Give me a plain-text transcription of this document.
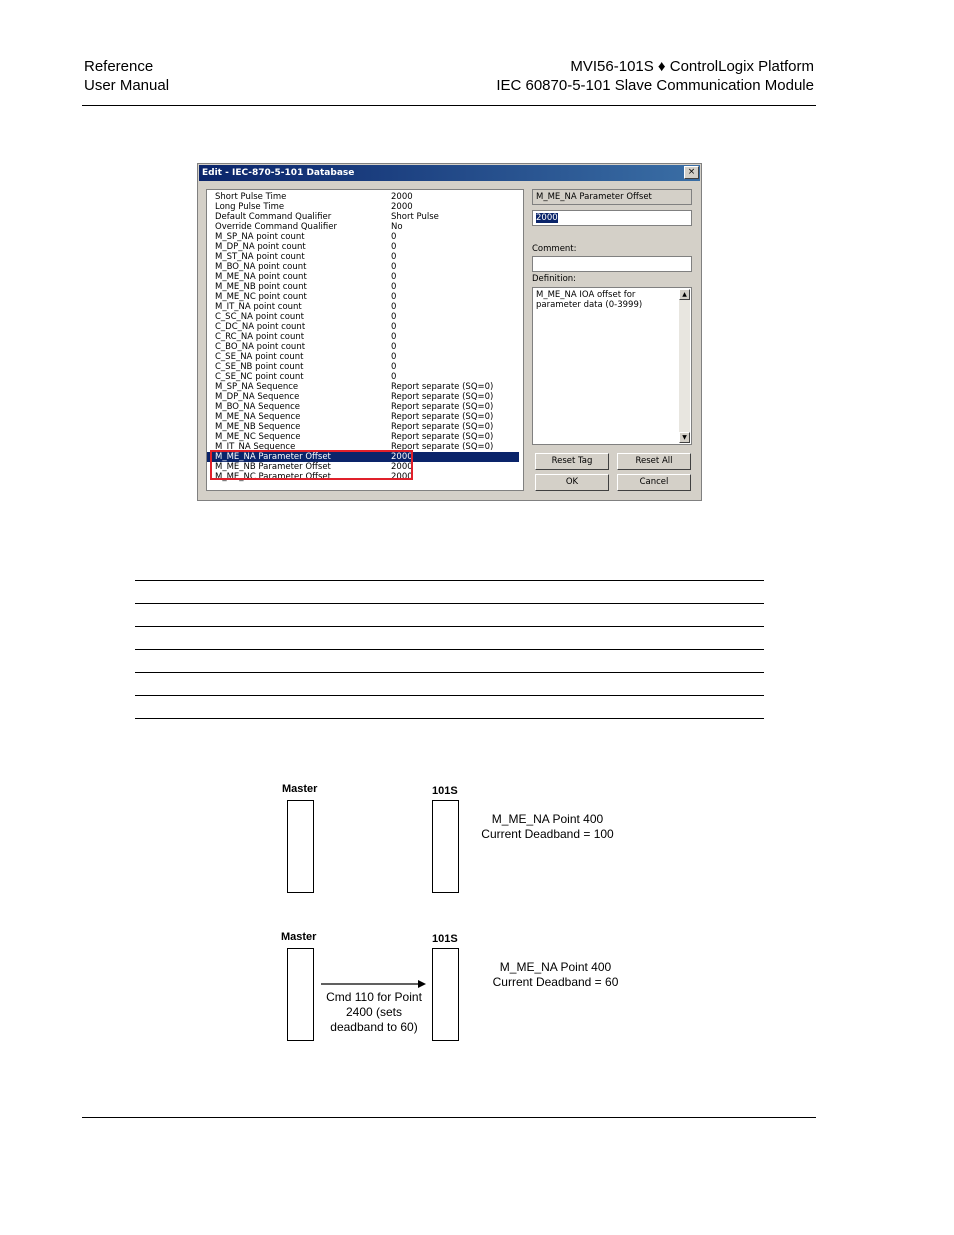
Reference
User Manual
MVI56-101S ♦ ControlLogix Platform
IEC 60870-5-101 Slave Communication Module
Edit - IEC-870-5-101 Database	×
Short Pulse Time	2000
Long Pulse Time	2000
Default Command Qualifier	Short Pulse
Override Command Qualifier	No
M_SP_NA point count	0
M_DP_NA point count	0
M_ST_NA point count	0
M_BO_NA point count	0
M_ME_NA point count	0
M_ME_NB point count	0
M_ME_NC point count	0
M_IT_NA point count	0
C_SC_NA point count	0
C_DC_NA point count	0
C_RC_NA point count	0
C_BO_NA point count	0
C_SE_NA point count	0
C_SE_NB point count	0
C_SE_NC point count	0
M_SP_NA Sequence	Report separate (SQ=0)
M_DP_NA Sequence	Report separate (SQ=0)
M_BO_NA Sequence	Report separate (SQ=0)
M_ME_NA Sequence	Report separate (SQ=0)
M_ME_NB Sequence	Report separate (SQ=0)
M_ME_NC Sequence	Report separate (SQ=0)
M_IT_NA Sequence	Report separate (SQ=0)
M_ME_NA Parameter Offset	2000
M_ME_NB Parameter Offset	2000
M_ME_NC Parameter Offset	2000
M_ME_NA Parameter Offset
2000
Comment:
Definition:
M_ME_NA IOA offset for parameter data (0-3999)
▲
▼
Reset Tag	Reset All
OK	Cancel
Master	101S
M_ME_NA Point 400
Current Deadband = 100
Master	101S
Cmd 110 for Point
2400 (sets
deadband to 60)
M_ME_NA Point 400
Current Deadband = 60
